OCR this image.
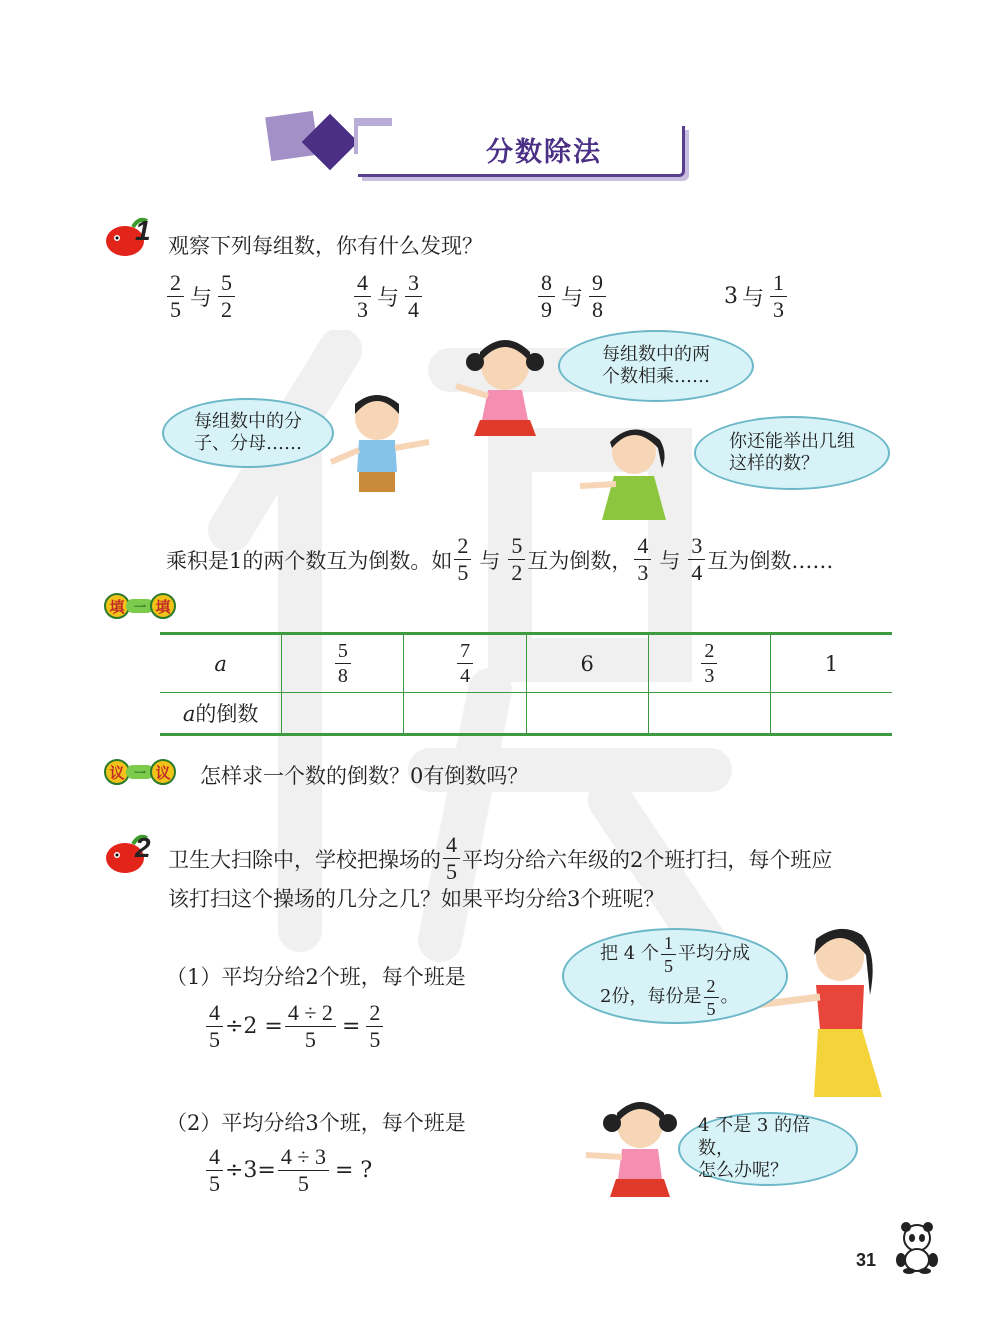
分数除法
1 观察下列每组数，你有什么发现？
$\frac{2}{5}$ 与 $\frac{5}{2}$	$\frac{4}{3}$ 与 $\frac{3}{4}$	$\frac{8}{9}$ 与 $\frac{9}{8}$	3 与 $\frac{1}{3}$
每组数中的两
个数相乘……
每组数中的分
子、分母……	你还能举出几组
这样的数？
乘积是1的两个数互为倒数。如 $\frac{2}{5}$ 与 $\frac{5}{2}$ 互为倒数， $\frac{4}{3}$ 与 $\frac{3}{4}$ 互为倒数……
填 一 填
a	$\frac{5}{8}$	$\frac{7}{4}$	6	$\frac{2}{3}$	1
a的倒数					
议 一 议 怎样求一个数的倒数？0有倒数吗？
2 卫生大扫除中，学校把操场的 $\frac{4}{5}$ 平均分给六年级的2个班打扫，每个班应
该打扫这个操场的几分之几？如果平均分给3个班呢？
（1）平均分给2个班，每个班是
$\frac{4}{5} \div 2 = \frac{4 \div 2}{5} = \frac{2}{5}$
（2）平均分给3个班，每个班是
$\frac{4}{5} \div 3= \frac{4 \div 3}{5}$ = ?
把 4 个 $\frac{1}{5}$ 平均分成
2份，每份是 $\frac{2}{5}$ 。
4 不是 3 的倍数，
怎么办呢？
31
